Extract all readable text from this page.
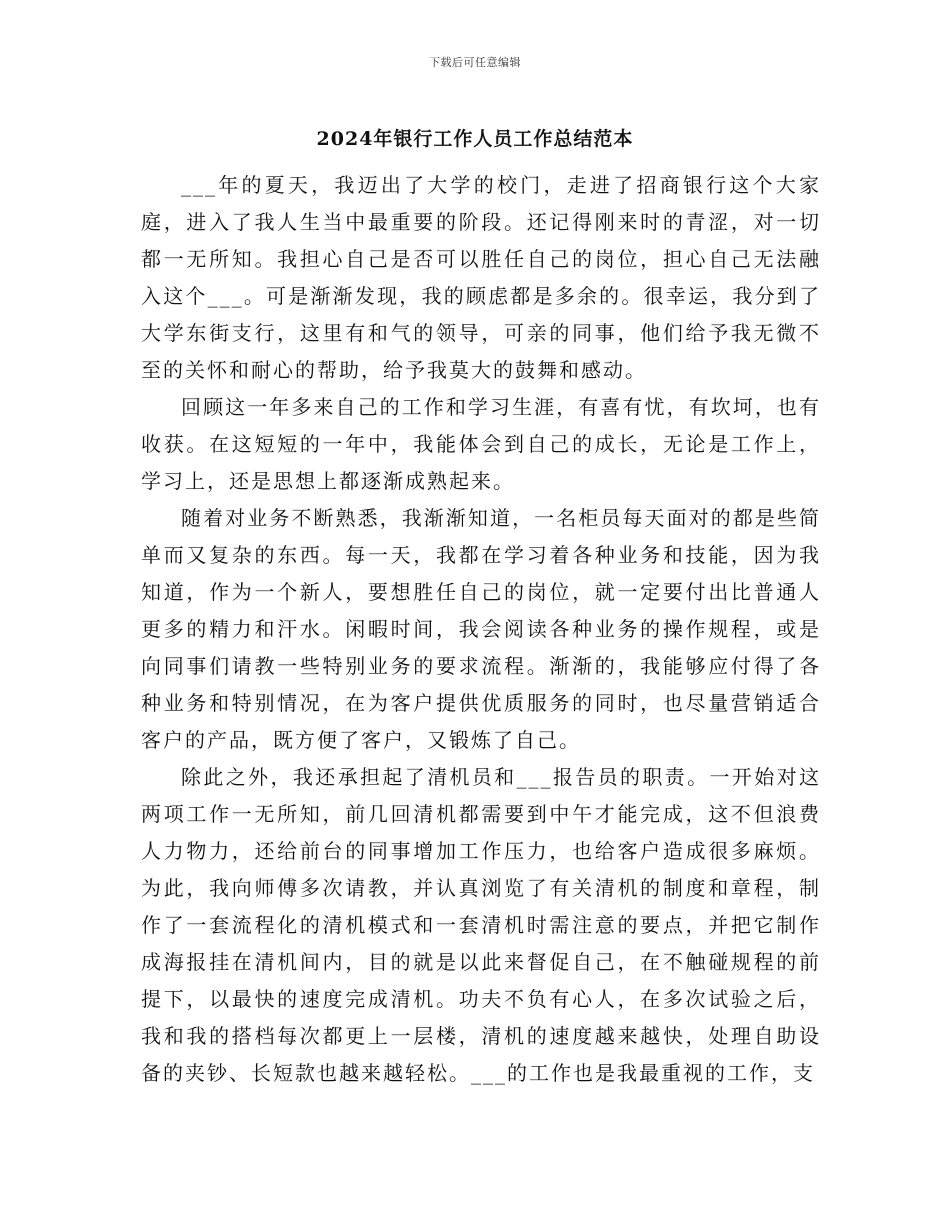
下载后可任意编辑
2024年银行工作人员工作总结范本

___年的夏天，我迈出了大学的校门，走进了招商银行这个大家庭，进入了我人生当中最重要的阶段。还记得刚来时的青涩，对一切都一无所知。我担心自己是否可以胜任自己的岗位，担心自己无法融入这个___。可是渐渐发现，我的顾虑都是多余的。很幸运，我分到了大学东街支行，这里有和气的领导，可亲的同事，他们给予我无微不至的关怀和耐心的帮助，给予我莫大的鼓舞和感动。

回顾这一年多来自己的工作和学习生涯，有喜有忧，有坎坷，也有收获。在这短短的一年中，我能体会到自己的成长，无论是工作上，学习上，还是思想上都逐渐成熟起来。

随着对业务不断熟悉，我渐渐知道，一名柜员每天面对的都是些简单而又复杂的东西。每一天，我都在学习着各种业务和技能，因为我知道，作为一个新人，要想胜任自己的岗位，就一定要付出比普通人更多的精力和汗水。闲暇时间，我会阅读各种业务的操作规程，或是向同事们请教一些特别业务的要求流程。渐渐的，我能够应付得了各种业务和特别情况，在为客户提供优质服务的同时，也尽量营销适合客户的产品，既方便了客户，又锻炼了自己。

除此之外，我还承担起了清机员和___报告员的职责。一开始对这两项工作一无所知，前几回清机都需要到中午才能完成，这不但浪费人力物力，还给前台的同事增加工作压力，也给客户造成很多麻烦。为此，我向师傅多次请教，并认真浏览了有关清机的制度和章程，制作了一套流程化的清机模式和一套清机时需注意的要点，并把它制作成海报挂在清机间内，目的就是以此来督促自己，在不触碰规程的前提下，以最快的速度完成清机。功夫不负有心人，在多次试验之后，我和我的搭档每次都更上一层楼，清机的速度越来越快，处理自助设备的夹钞、长短款也越来越轻松。___的工作也是我最重视的工作，支
